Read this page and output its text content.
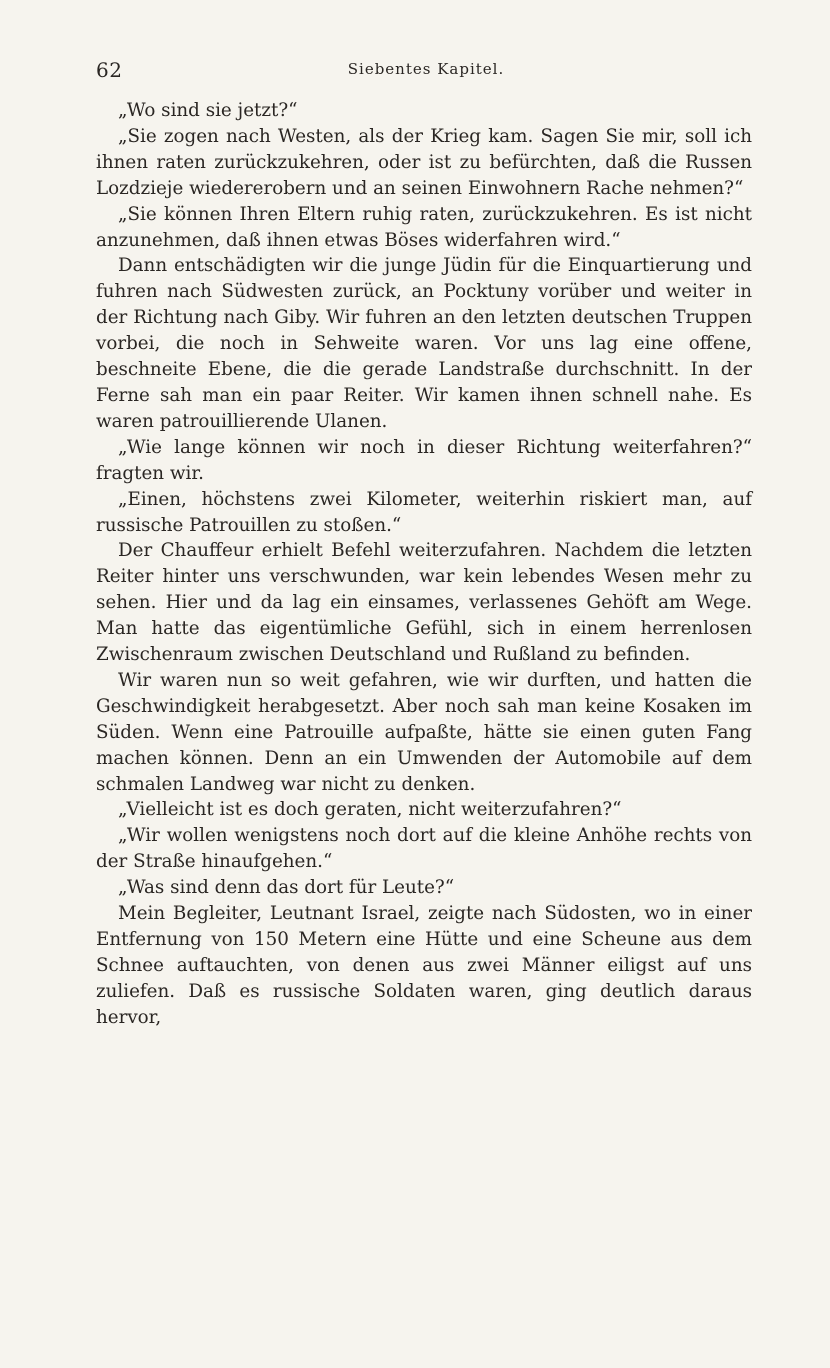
62	Siebentes Kapitel.

„Wo sind sie jetzt?“

„Sie zogen nach Westen, als der Krieg kam. Sagen Sie mir, soll ich ihnen raten zurückzukehren, oder ist zu befürchten, daß die Russen Lozdzieje wiedererobern und an seinen Einwohnern Rache nehmen?“

„Sie können Ihren Eltern ruhig raten, zurückzukehren. Es ist nicht anzunehmen, daß ihnen etwas Böses widerfahren wird.“

Dann entschädigten wir die junge Jüdin für die Einquartierung und fuhren nach Südwesten zurück, an Pocktuny vorüber und weiter in der Richtung nach Giby. Wir fuhren an den letzten deutschen Truppen vorbei, die noch in Sehweite waren. Vor uns lag eine offene, beschneite Ebene, die die gerade Landstraße durchschnitt. In der Ferne sah man ein paar Reiter. Wir kamen ihnen schnell nahe. Es waren patrouillierende Ulanen.

„Wie lange können wir noch in dieser Richtung weiterfahren?“ fragten wir.

„Einen, höchstens zwei Kilometer, weiterhin riskiert man, auf russische Patrouillen zu stoßen.“

Der Chauffeur erhielt Befehl weiterzufahren. Nachdem die letzten Reiter hinter uns verschwunden, war kein lebendes Wesen mehr zu sehen. Hier und da lag ein einsames, verlassenes Gehöft am Wege. Man hatte das eigentümliche Gefühl, sich in einem herrenlosen Zwischenraum zwischen Deutschland und Rußland zu befinden.

Wir waren nun so weit gefahren, wie wir durften, und hatten die Geschwindigkeit herabgesetzt. Aber noch sah man keine Kosaken im Süden. Wenn eine Patrouille aufpaßte, hätte sie einen guten Fang machen können. Denn an ein Umwenden der Automobile auf dem schmalen Landweg war nicht zu denken.

„Vielleicht ist es doch geraten, nicht weiterzufahren?“

„Wir wollen wenigstens noch dort auf die kleine Anhöhe rechts von der Straße hinaufgehen.“

„Was sind denn das dort für Leute?“

Mein Begleiter, Leutnant Israel, zeigte nach Südosten, wo in einer Entfernung von 150 Metern eine Hütte und eine Scheune aus dem Schnee auftauchten, von denen aus zwei Männer eiligst auf uns zuliefen. Daß es russische Soldaten waren, ging deutlich daraus hervor,
